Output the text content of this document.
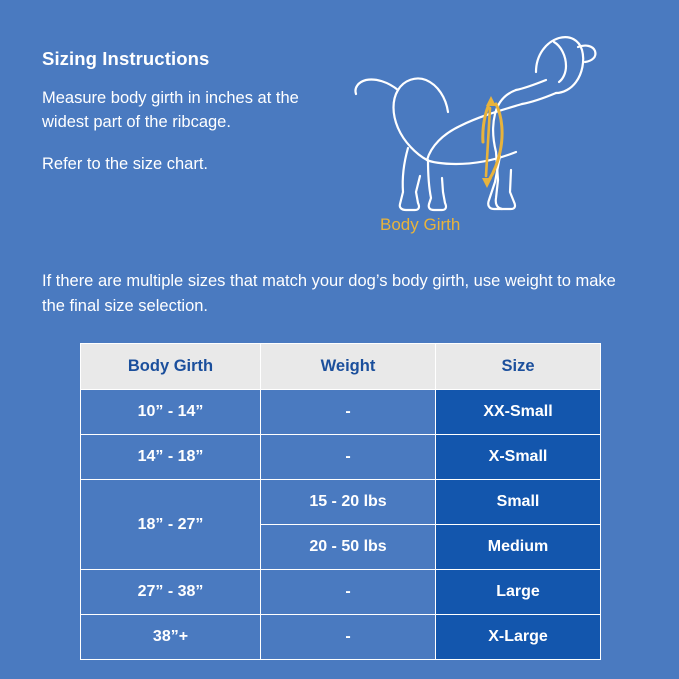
Sizing Instructions

Measure body girth in inches at the widest part of the ribcage.

Refer to the size chart.

Body Girth

If there are multiple sizes that match your dog’s body girth, use weight to make the final size selection.

Body Girth	Weight	Size
10” - 14”	-	XX-Small
14” - 18”	-	X-Small
18” - 27”	15 - 20 lbs	Small
	20 - 50 lbs	Medium
27” - 38”	-	Large
38”+	-	X-Large
